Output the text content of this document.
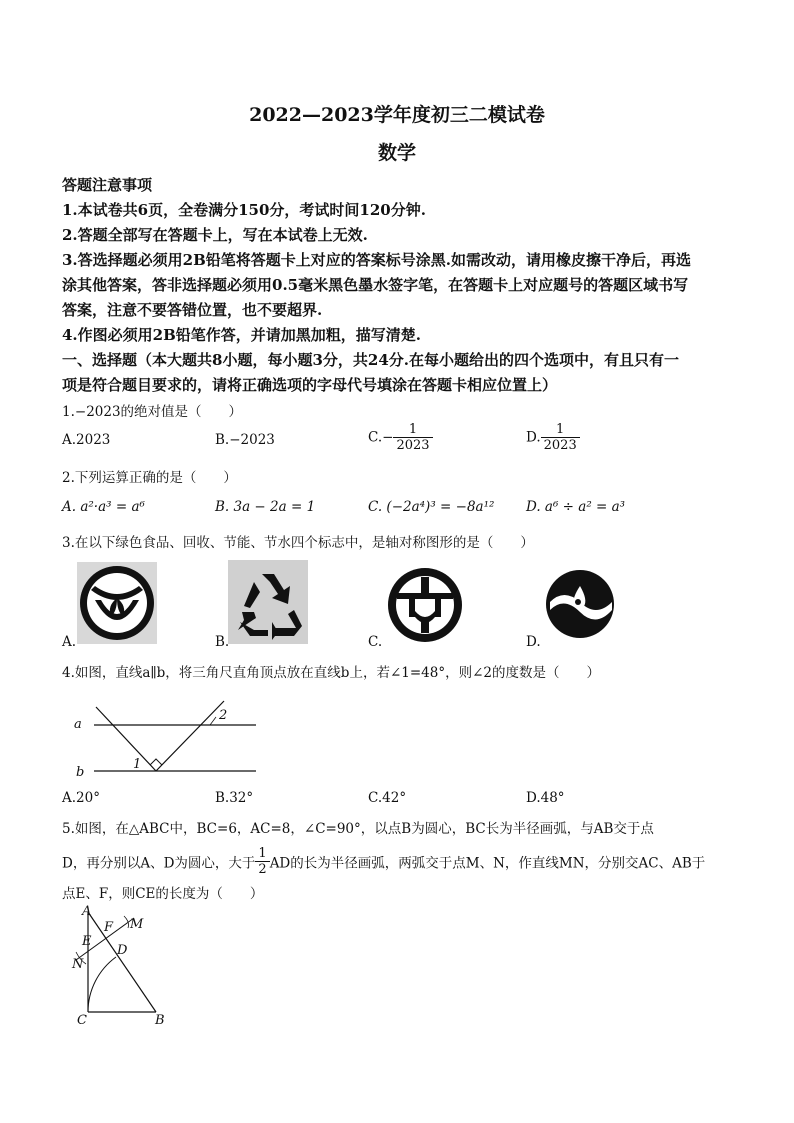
2022—2023学年度初三二模试卷
数学
答题注意事项
1.本试卷共6页，全卷满分150分，考试时间120分钟.
2.答题全部写在答题卡上，写在本试卷上无效.
3.答选择题必须用2B铅笔将答题卡上对应的答案标号涂黑.如需改动，请用橡皮擦干净后，再选
涂其他答案，答非选择题必须用0.5毫米黑色墨水签字笔，在答题卡上对应题号的答题区域书写
答案，注意不要答错位置，也不要超界.
4.作图必须用2B铅笔作答，并请加黑加粗，描写清楚.
一、选择题（本大题共8小题，每小题3分，共24分.在每小题给出的四个选项中，有且只有一
项是符合题目要求的，请将正确选项的字母代号填涂在答题卡相应位置上）
1.−2023的绝对值是（　　）
A.2023	B.−2023	$C.- \frac{1}{2023}$	D. $\frac{1}{2023}$
2.下列运算正确的是（　　）
A. a²·a³ = a⁶	B. 3a − 2a = 1	C. (−2a⁴)³ = −8a¹² D. a⁶ ÷ a² = a³
3.在以下绿色食品、回收、节能、节水四个标志中，是轴对称图形的是（　　）
A.	B.	C.	D.
4.如图，直线a∥b，将三角尺直角顶点放在直线b上，若∠1=48°，则∠2的度数是（　　）
a
b
1
2
A.20°	B.32°	C.42°	D.48°
5.如图，在△ABC中，BC=6，AC=8，∠C=90°，以点B为圆心，BC长为半径画弧，与AB交于点
D，再分别以A、D为圆心，大于 $\frac{1}{2}$ AD的长为半径画弧，两弧交于点M、N，作直线MN，分别交AC、AB于
点E、F，则CE的长度为（　　）
A
M
F
E
D
N
C	B
